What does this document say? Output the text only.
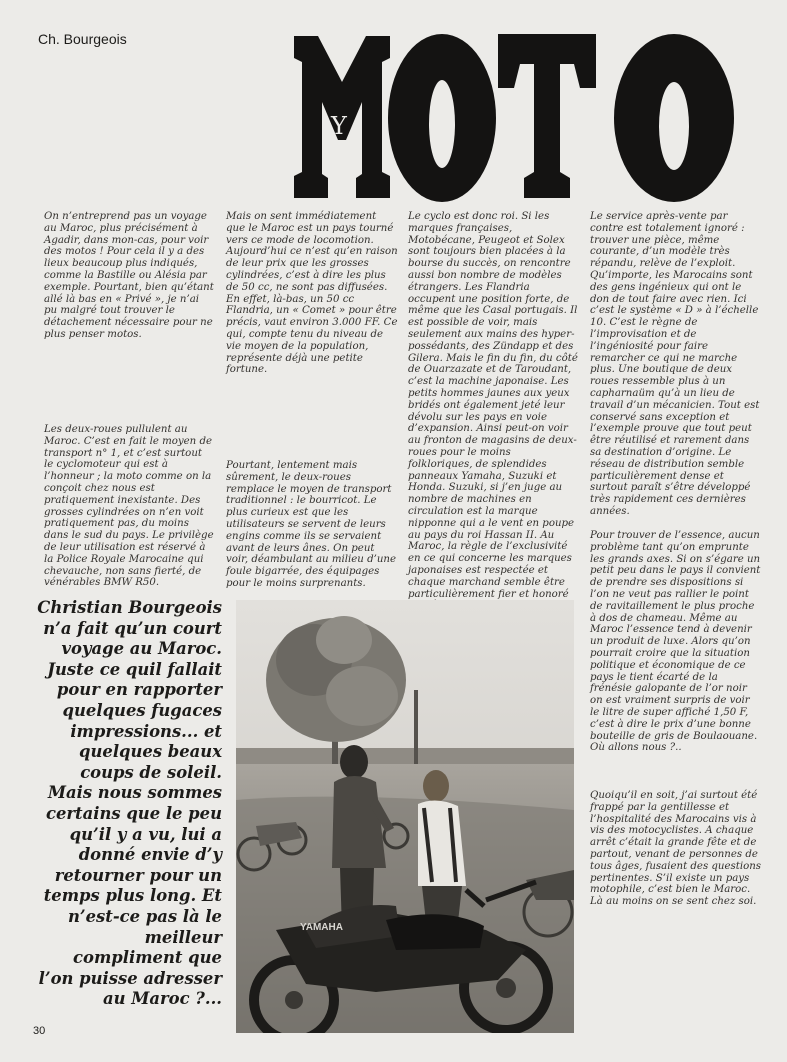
Ch. Bourgeois
Y
MOTO

On n’entreprend pas un voyage au Maroc, plus précisément à Agadir, dans mon‑cas, pour voir des motos ! Pour cela il y a des lieux beaucoup plus indiqués, comme la Bastille ou Alésia par exemple. Pourtant, bien qu’étant allé là bas en « Privé », je n’ai pu malgré tout trouver le détachement nécessaire pour ne plus penser motos.

Les deux-roues pullulent au Maroc. C’est en fait le moyen de transport n° 1, et c’est surtout le cyclomoteur qui est à l’honneur ; la moto comme on la conçoit chez nous est pratiquement inexistante. Des grosses cylindrées on n’en voit pratiquement pas, du moins dans le sud du pays. Le privilège de leur utilisation est réservé à la Police Royale Marocaine qui chevauche, non sans fierté, de vénérables BMW R50.

Mais on sent immédiatement que le Maroc est un pays tourné vers ce mode de locomotion. Aujourd’hui ce n’est qu’en raison de leur prix que les grosses cylindrées, c’est à dire les plus de 50 cc, ne sont pas diffusées. En effet, là-bas, un 50 cc Flandria, un « Comet » pour être précis, vaut environ 3.000 FF. Ce qui, compte tenu du niveau de vie moyen de la population, représente déjà une petite fortune.

Pourtant, lentement mais sûrement, le deux-roues remplace le moyen de transport traditionnel : le bourricot. Le plus curieux est que les utilisateurs se servent de leurs engins comme ils se servaient avant de leurs ânes. On peut voir, déambulant au milieu d’une foule bigarrée, des équipages pour le moins surprenants.

Le cyclo est donc roi. Si les marques françaises, Motobécane, Peugeot et Solex sont toujours bien placées à la bourse du succès, on rencontre aussi bon nombre de modèles étrangers. Les Flandria occupent une position forte, de même que les Casal portugais. Il est possible de voir, mais seulement aux mains des hyper-possédants, des Zündapp et des Gilera. Mais le fin du fin, du côté de Ouarzazate et de Taroudant, c’est la machine japonaise. Les petits hommes jaunes aux yeux bridés ont également jeté leur dévolu sur les pays en voie d’expansion. Ainsi peut-on voir au fronton de magasins de deux-roues pour le moins folkloriques, de splendides panneaux Yamaha, Suzuki et Honda. Suzuki, si j’en juge au nombre de machines en circulation est la marque nipponne qui a le vent en poupe au pays du roi Hassan II. Au Maroc, la règle de l’exclusivité en ce qui concerne les marques japonaises est respectée et chaque marchand semble être particulièrement fier et honoré

Le service après-vente par contre est totalement ignoré : trouver une pièce, même courante, d’un modèle très répandu, relève de l’exploit. Qu’importe, les Marocains sont des gens ingénieux qui ont le don de tout faire avec rien. Ici c’est le système « D » à l’échelle 10. C’est le règne de l’improvisation et de l’ingéniosité pour faire remarcher ce qui ne marche plus. Une boutique de deux roues ressemble plus à un capharnaüm qu’à un lieu de travail d’un mécanicien. Tout est conservé sans exception et l’exemple prouve que tout peut être réutilisé et rarement dans sa destination d’origine. Le réseau de distribution semble particulièrement dense et surtout paraît s’être développé très rapidement ces dernières années.

Pour trouver de l’essence, aucun problème tant qu’on emprunte les grands axes. Si on s’égare un petit peu dans le pays il convient de prendre ses dispositions si l’on ne veut pas rallier le point de ravitaillement le plus proche à dos de chameau. Même au Maroc l’essence tend à devenir un produit de luxe. Alors qu’on pourrait croire que la situation politique et économique de ce pays le tient écarté de la frénésie galopante de l’or noir on est vraiment surpris de voir le litre de super affiché 1,50 F, c’est à dire le prix d’une bonne bouteille de gris de Boulaouane. Où allons nous ?..

Quoiqu’il en soit, j’ai surtout été frappé par la gentillesse et l’hospitalité des Marocains vis à vis des motocyclistes. A chaque arrêt c’était la grande fête et de partout, venant de personnes de tous âges, fusaient des questions pertinentes. S’il existe un pays motophile, c’est bien le Maroc. Là au moins on se sent chez soi.

Christian Bourgeois n’a fait qu’un court voyage au Maroc. Juste ce quil fallait pour en rapporter quelques fugaces impressions... et quelques beaux coups de soleil. Mais nous sommes certains que le peu qu’il y a vu, lui a donné envie d’y retourner pour un temps plus long. Et n’est-ce pas là le meilleur compliment que l’on puisse adresser au Maroc ?...
YAMAHA
30
